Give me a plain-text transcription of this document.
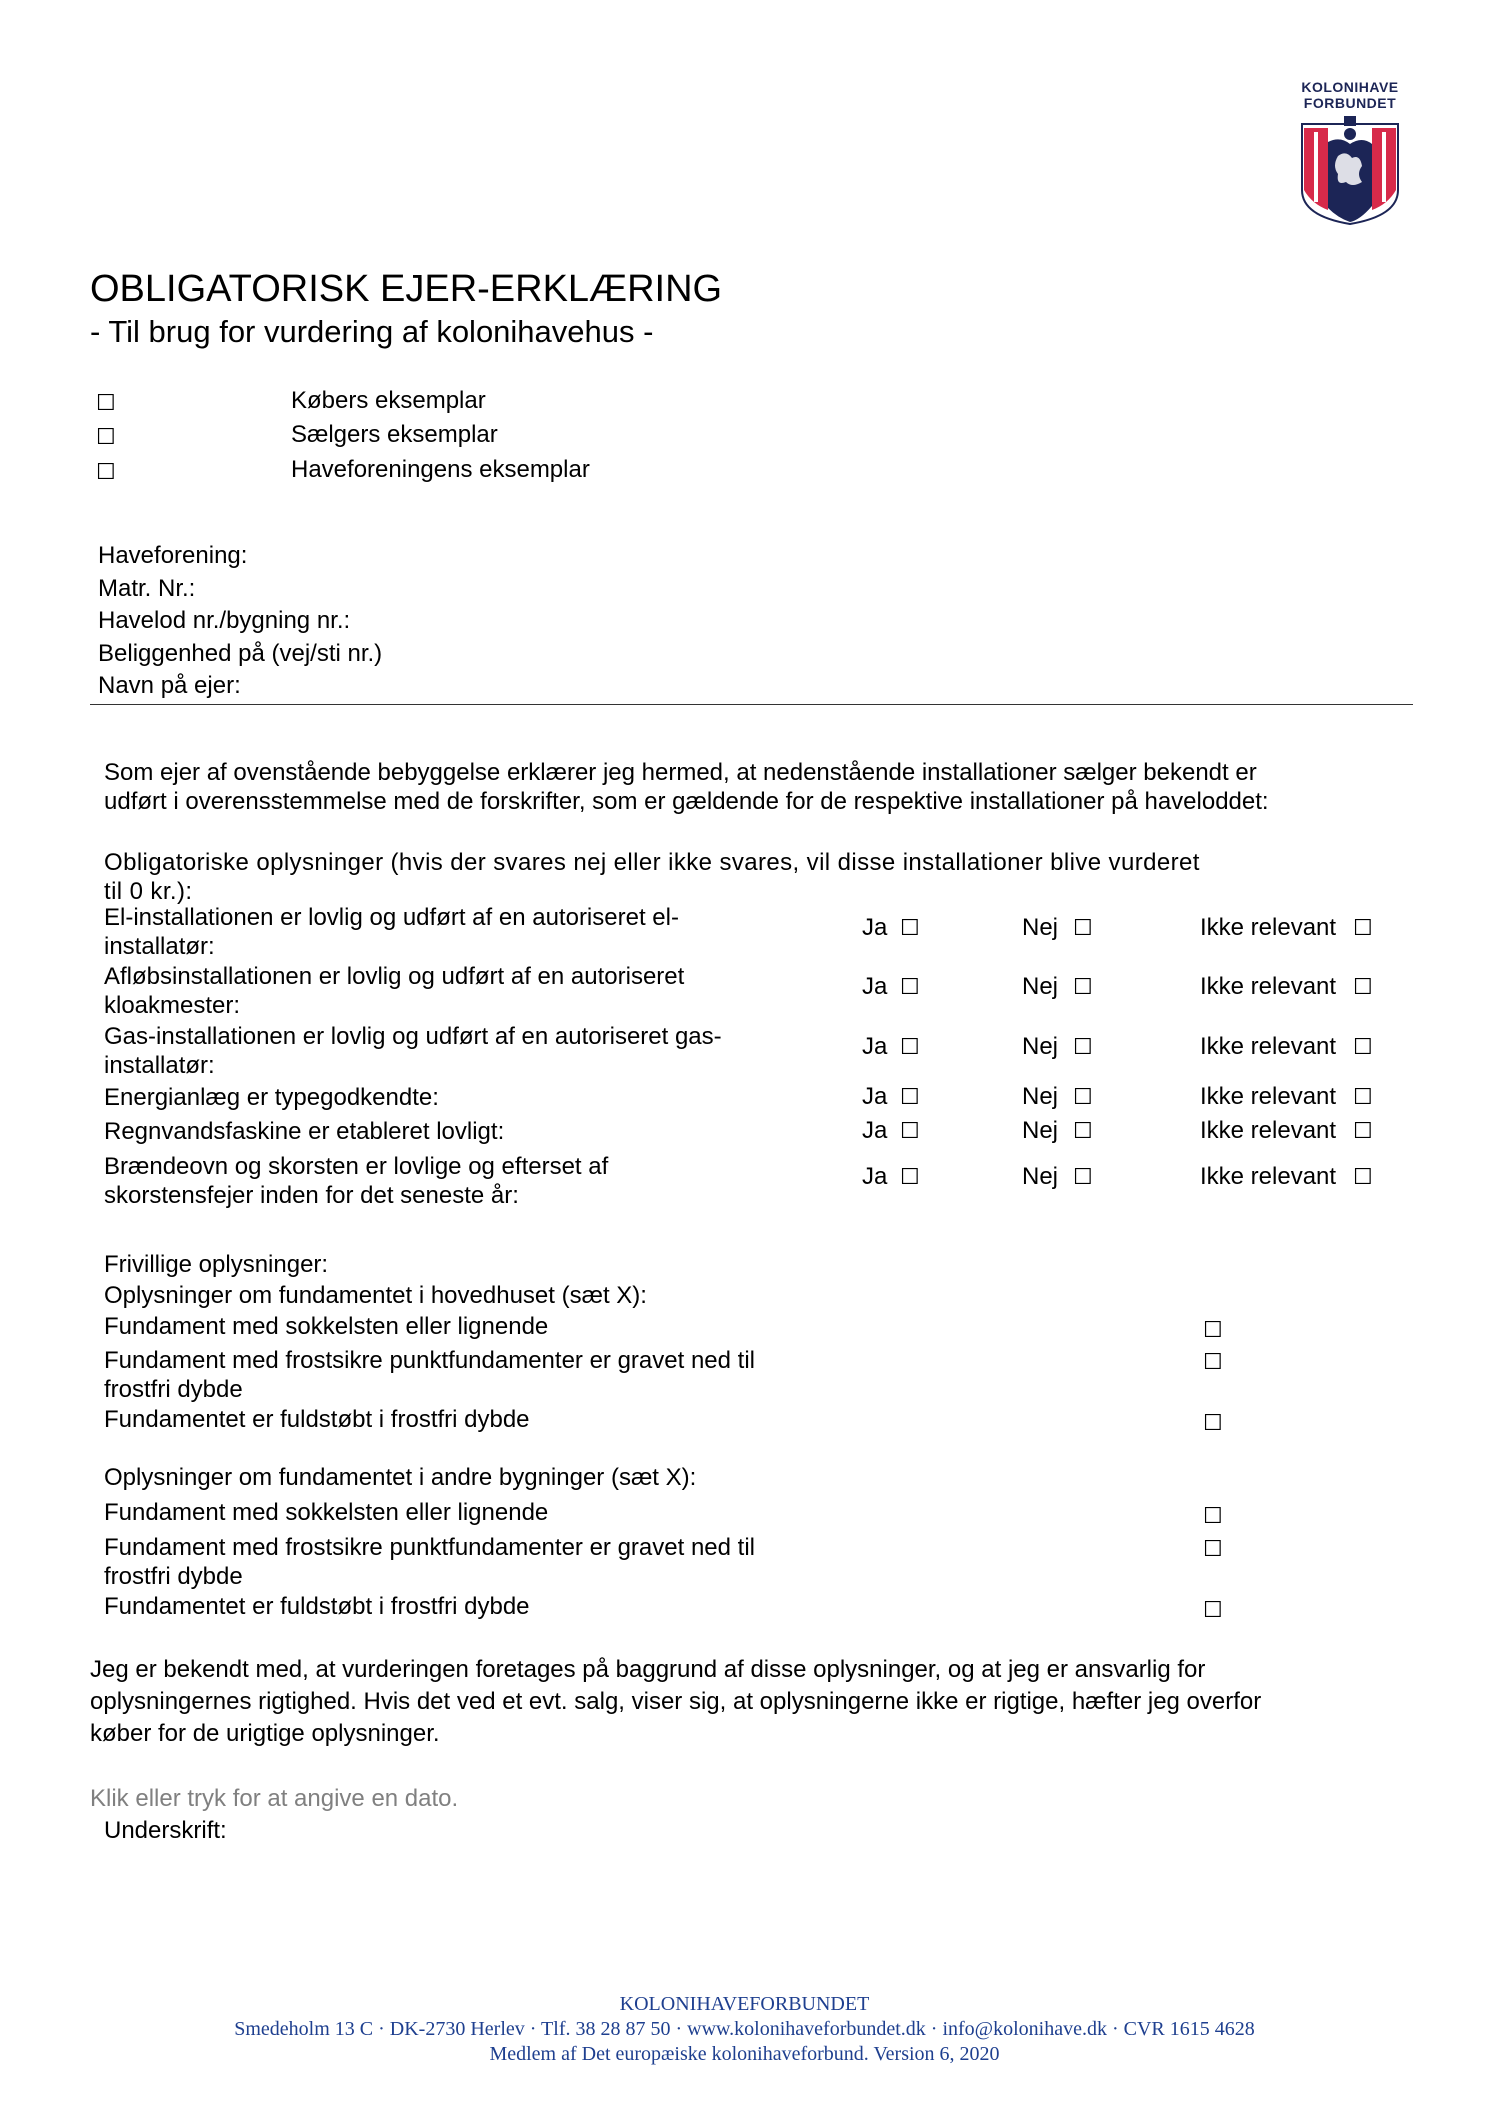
KOLONIHAVE
FORBUNDET
OBLIGATORISK EJER-ERKLÆRING
- Til brug for vurdering af kolonihavehus -
☐	Købers eksemplar
☐	Sælgers eksemplar
☐	Haveforeningens eksemplar
Haveforening:
Matr. Nr.:
Havelod nr./bygning nr.:
Beliggenhed på (vej/sti nr.)
Navn på ejer:
Som ejer af ovenstående bebyggelse erklærer jeg hermed, at nedenstående installationer sælger bekendt er
udført i overensstemmelse med de forskrifter, som er gældende for de respektive installationer på haveloddet:
Obligatoriske oplysninger (hvis der svares nej eller ikke svares, vil disse installationer blive vurderet
til 0 kr.):
El-installationen er lovlig og udført af en autoriseret el-
installatør:
Ja ☐	Nej ☐	Ikke relevant ☐
Afløbsinstallationen er lovlig og udført af en autoriseret
kloakmester:
Ja ☐	Nej ☐	Ikke relevant ☐
Gas-installationen er lovlig og udført af en autoriseret gas-
installatør:
Ja ☐	Nej ☐	Ikke relevant ☐
Energianlæg er typegodkendte:	Ja ☐	Nej ☐	Ikke relevant ☐
Regnvandsfaskine er etableret lovligt:	Ja ☐	Nej ☐	Ikke relevant ☐
Brændeovn og skorsten er lovlige og efterset af
skorstensfejer inden for det seneste år:
Ja ☐	Nej ☐	Ikke relevant ☐
Frivillige oplysninger:
Oplysninger om fundamentet i hovedhuset (sæt X):
Fundament med sokkelsten eller lignende	☐
Fundament med frostsikre punktfundamenter er gravet ned til
frostfri dybde
☐
Fundamentet er fuldstøbt i frostfri dybde	☐
Oplysninger om fundamentet i andre bygninger (sæt X):
Fundament med sokkelsten eller lignende	☐
Fundament med frostsikre punktfundamenter er gravet ned til
frostfri dybde
☐
Fundamentet er fuldstøbt i frostfri dybde	☐
Jeg er bekendt med, at vurderingen foretages på baggrund af disse oplysninger, og at jeg er ansvarlig for
oplysningernes rigtighed. Hvis det ved et evt. salg, viser sig, at oplysningerne ikke er rigtige, hæfter jeg overfor
køber for de urigtige oplysninger.
Klik eller tryk for at angive en dato.
Underskrift:
KOLONIHAVEFORBUNDET
Smedeholm 13 C · DK-2730 Herlev · Tlf. 38 28 87 50 · www.kolonihaveforbundet.dk · info@kolonihave.dk · CVR 1615 4628
Medlem af Det europæiske kolonihaveforbund. Version 6, 2020
